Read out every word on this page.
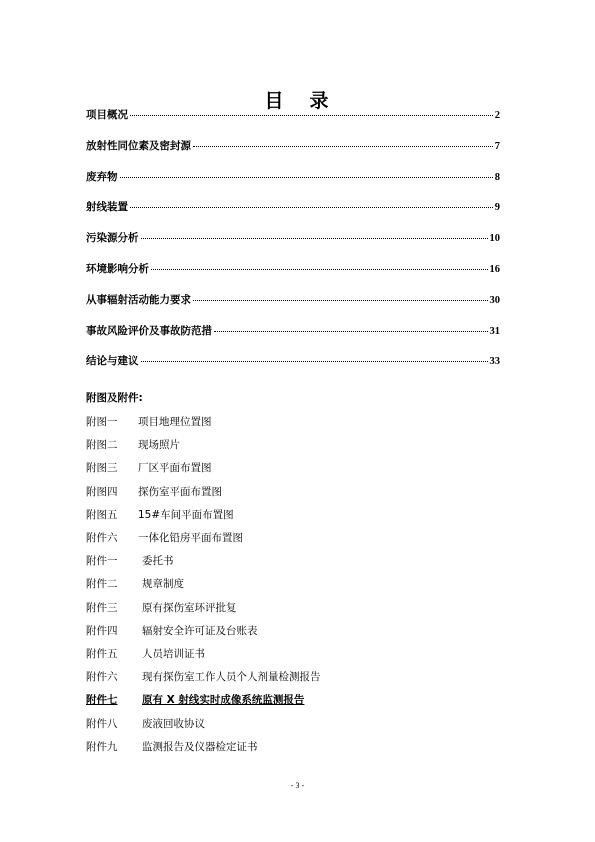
目 录
项目概况	2
放射性同位素及密封源	7
废弃物	8
射线装置	9
污染源分析	10
环境影响分析	16
从事辐射活动能力要求	30
事故风险评价及事故防范措	31
结论与建议	33
附图及附件:
附图一	项目地理位置图
附图二	现场照片
附图三	厂区平面布置图
附图四	探伤室平面布置图
附图五	15#车间平面布置图
附件六	一体化铅房平面布置图
附件一	委托书
附件二	规章制度
附件三	原有探伤室环评批复
附件四	辐射安全许可证及台账表
附件五	人员培训证书
附件六	现有探伤室工作人员个人剂量检测报告
附件七	原有 X 射线实时成像系统监测报告
附件八	废液回收协议
附件九	监测报告及仪器检定证书
- 3 -
